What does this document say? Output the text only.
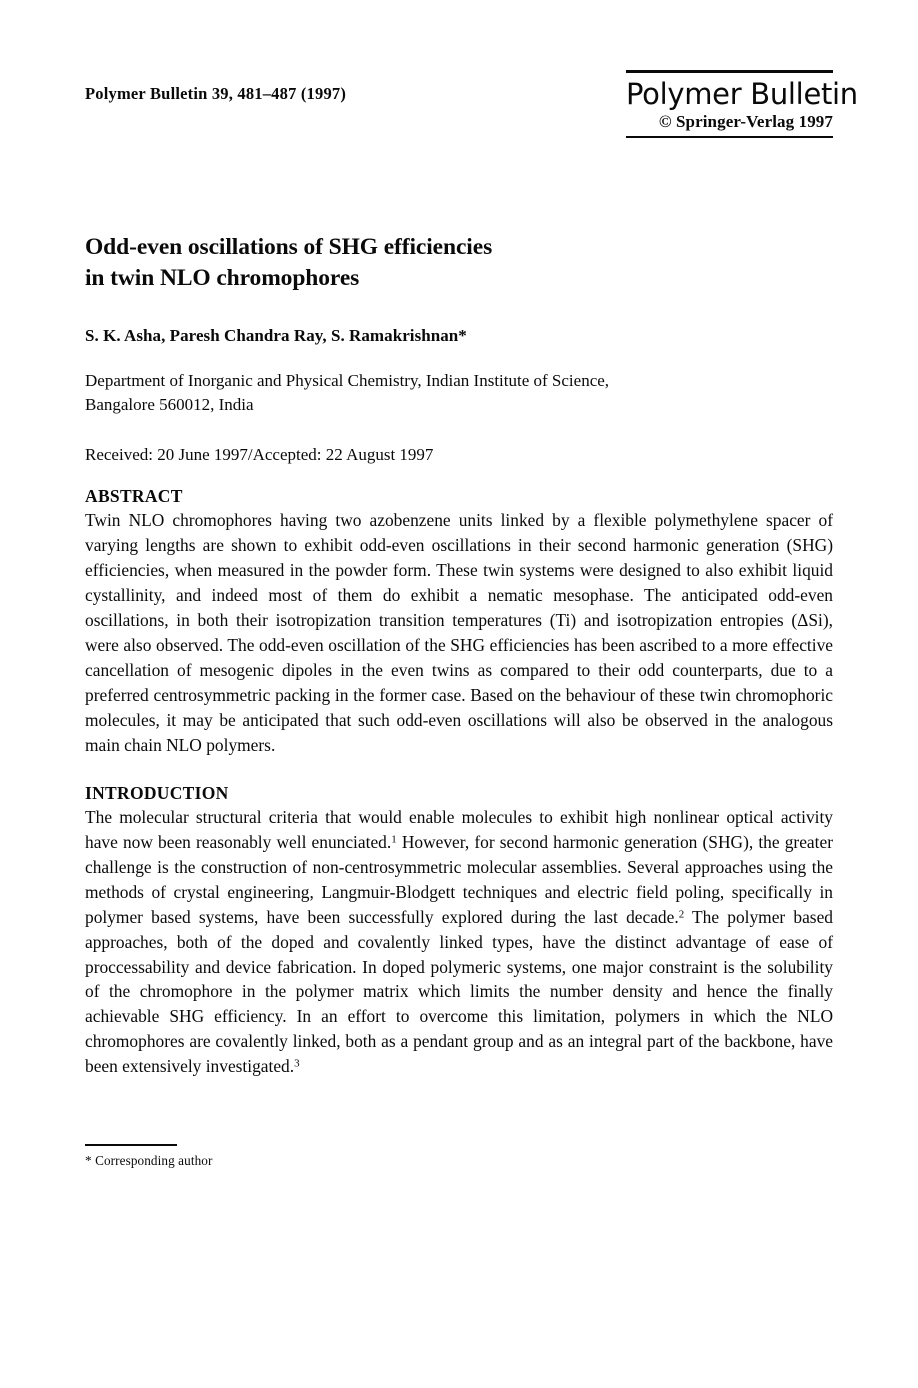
Polymer Bulletin 39, 481–487 (1997)	Polymer Bulletin
© Springer-Verlag 1997
Odd-even oscillations of SHG efficiencies
in twin NLO chromophores

S. K. Asha, Paresh Chandra Ray, S. Ramakrishnan*

Department of Inorganic and Physical Chemistry, Indian Institute of Science,
Bangalore 560012, India

Received: 20 June 1997/Accepted: 22 August 1997

ABSTRACT

Twin NLO chromophores having two azobenzene units linked by a flexible polymethylene spacer of varying lengths are shown to exhibit odd-even oscillations in their second harmonic generation (SHG) efficiencies, when measured in the powder form. These twin systems were designed to also exhibit liquid cystallinity, and indeed most of them do exhibit a nematic mesophase. The anticipated odd-even oscillations, in both their isotropization transition temperatures (Ti) and isotropization entropies (ΔSi), were also observed. The odd-even oscillation of the SHG efficiencies has been ascribed to a more effective cancellation of mesogenic dipoles in the even twins as compared to their odd counterparts, due to a preferred centrosymmetric packing in the former case. Based on the behaviour of these twin chromophoric molecules, it may be anticipated that such odd-even oscillations will also be observed in the analogous main chain NLO polymers.

INTRODUCTION

The molecular structural criteria that would enable molecules to exhibit high nonlinear optical activity have now been reasonably well enunciated.$^1$ However, for second harmonic generation (SHG), the greater challenge is the construction of non-centrosymmetric molecular assemblies. Several approaches using the methods of crystal engineering, Langmuir-Blodgett techniques and electric field poling, specifically in polymer based systems, have been successfully explored during the last decade.$^2$ The polymer based approaches, both of the doped and covalently linked types, have the distinct advantage of ease of proccessability and device fabrication. In doped polymeric systems, one major constraint is the solubility of the chromophore in the polymer matrix which limits the number density and hence the finally achievable SHG efficiency. In an effort to overcome this limitation, polymers in which the NLO chromophores are covalently linked, both as a pendant group and as an integral part of the backbone, have been extensively investigated.$^3$

* Corresponding author
